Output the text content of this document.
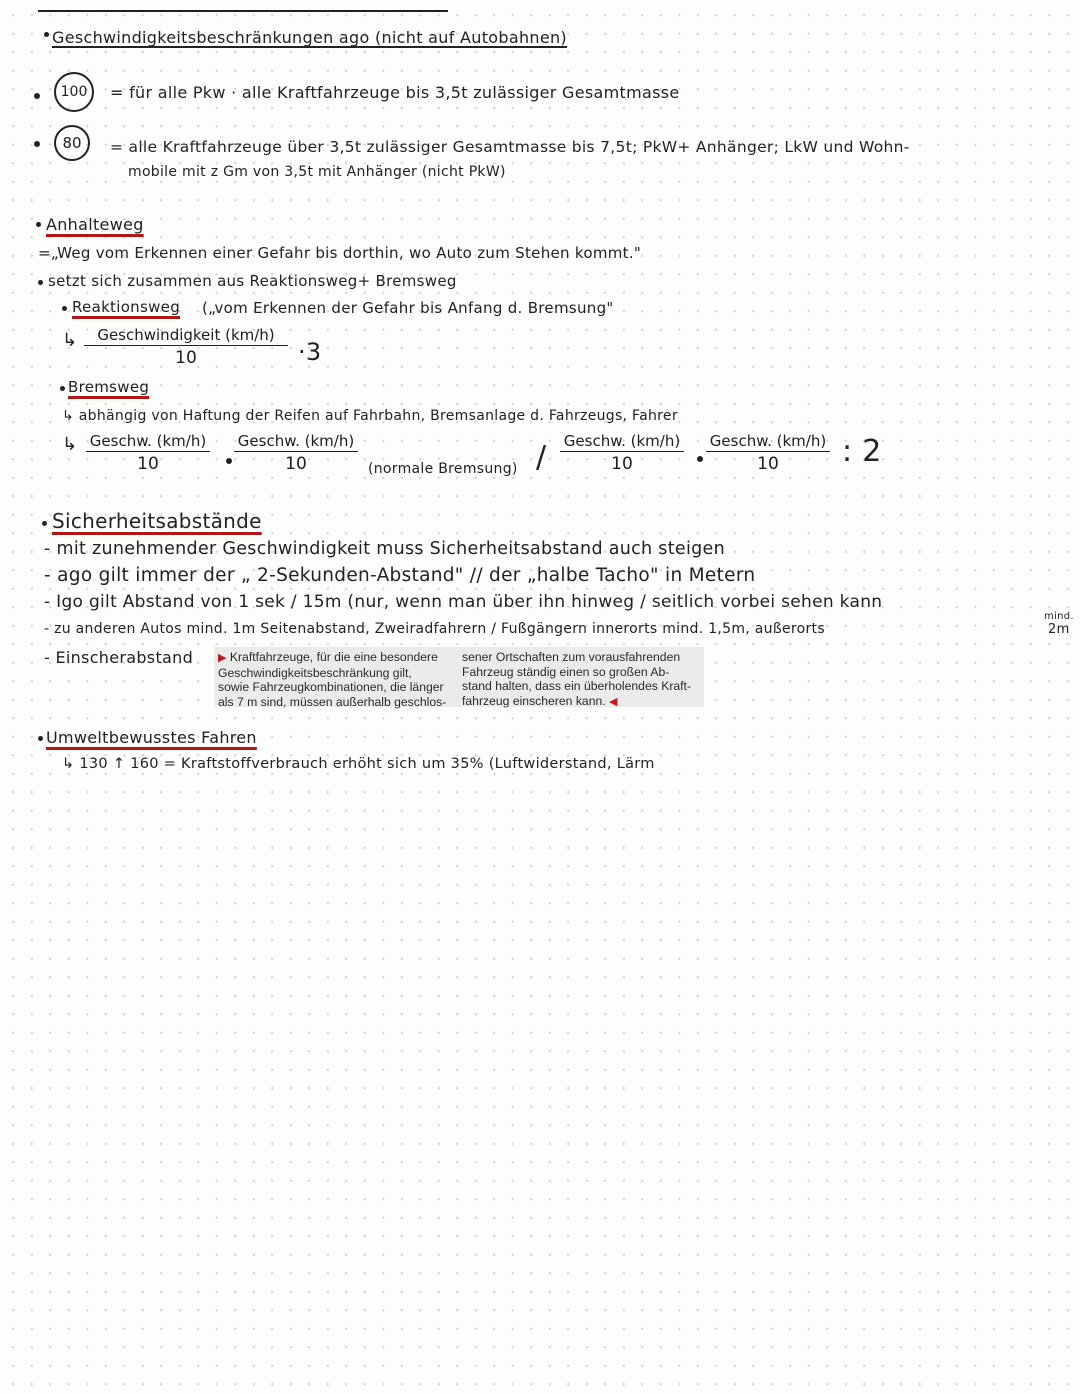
Geschwindigkeitsbeschränkungen ago (nicht auf Autobahnen)
100	= für alle Pkw · alle Kraftfahrzeuge bis 3,5t zulässiger Gesamtmasse
80	= alle Kraftfahrzeuge über 3,5t zulässiger Gesamtmasse bis 7,5t; PkW+ Anhänger; LkW und Wohn-
mobile mit z Gm von 3,5t mit Anhänger (nicht PkW)
Anhalteweg
=„Weg vom Erkennen einer Gefahr bis dorthin, wo Auto zum Stehen kommt."
setzt sich zusammen aus Reaktionsweg+ Bremsweg
Reaktionsweg („vom Erkennen der Gefahr bis Anfang d. Bremsung"
↳	Geschwindigkeit (km/h)
10	·3
Bremsweg
↳ abhängig von Haftung der Reifen auf Fahrbahn, Bremsanlage d. Fahrzeugs, Fahrer
↳ Geschw. (km/h)
10
Geschw. (km/h)
10	(normale Bremsung) / Geschw. (km/h)
10
Geschw. (km/h)
10	: 2
Sicherheitsabstände
- mit zunehmender Geschwindigkeit muss Sicherheitsabstand auch steigen
- ago gilt immer der „ 2-Sekunden-Abstand" // der „halbe Tacho" in Metern
- Igo gilt Abstand von 1 sek / 15m (nur, wenn man über ihn hinweg / seitlich vorbei sehen kann
- zu anderen Autos mind. 1m Seitenabstand, Zweiradfahrern / Fußgängern innerorts mind. 1,5m, außerorts
mind.
2m
- Einscherabstand ▶ Kraftfahrzeuge, für die eine besondere
Geschwindigkeitsbeschränkung gilt,
sowie Fahrzeugkombinationen, die länger
als 7 m sind, müssen außerhalb geschlos-
sener Ortschaften zum vorausfahrenden
Fahrzeug ständig einen so großen Ab-
stand halten, dass ein überholendes Kraft-
fahrzeug einscheren kann. ◀
Umweltbewusstes Fahren
↳ 130 ↑ 160 = Kraftstoffverbrauch erhöht sich um 35% (Luftwiderstand, Lärm
